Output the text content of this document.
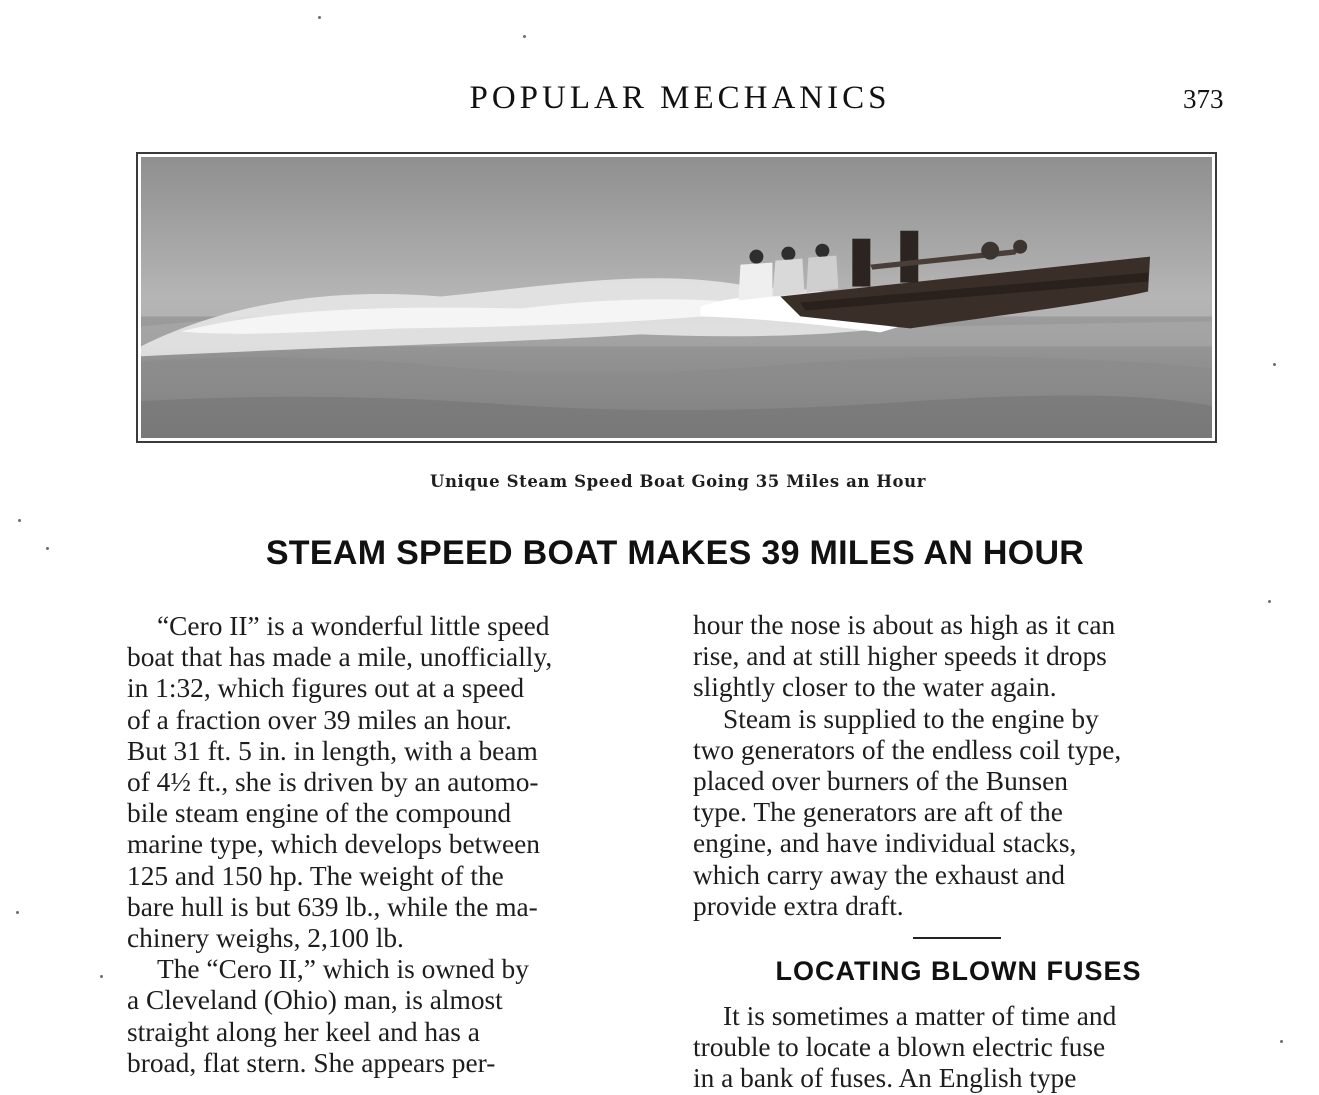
POPULAR MECHANICS	373
Unique Steam Speed Boat Going 35 Miles an Hour
STEAM SPEED BOAT MAKES 39 MILES AN HOUR

“Cero II” is a wonderful little speed

boat that has made a mile, unofficially,

in 1:32, which figures out at a speed

of a fraction over 39 miles an hour.

But 31 ft. 5 in. in length, with a beam

of 4½ ft., she is driven by an automo-

bile steam engine of the compound

marine type, which develops between

125 and 150 hp. The weight of the

bare hull is but 639 lb., while the ma-

chinery weighs, 2,100 lb.

The “Cero II,” which is owned by

a Cleveland (Ohio) man, is almost

straight along her keel and has a

broad, flat stern. She appears per-

hour the nose is about as high as it can

rise, and at still higher speeds it drops

slightly closer to the water again.

Steam is supplied to the engine by

two generators of the endless coil type,

placed over burners of the Bunsen

type. The generators are aft of the

engine, and have individual stacks,

which carry away the exhaust and

provide extra draft.

LOCATING BLOWN FUSES

It is sometimes a matter of time and

trouble to locate a blown electric fuse

in a bank of fuses. An English type
